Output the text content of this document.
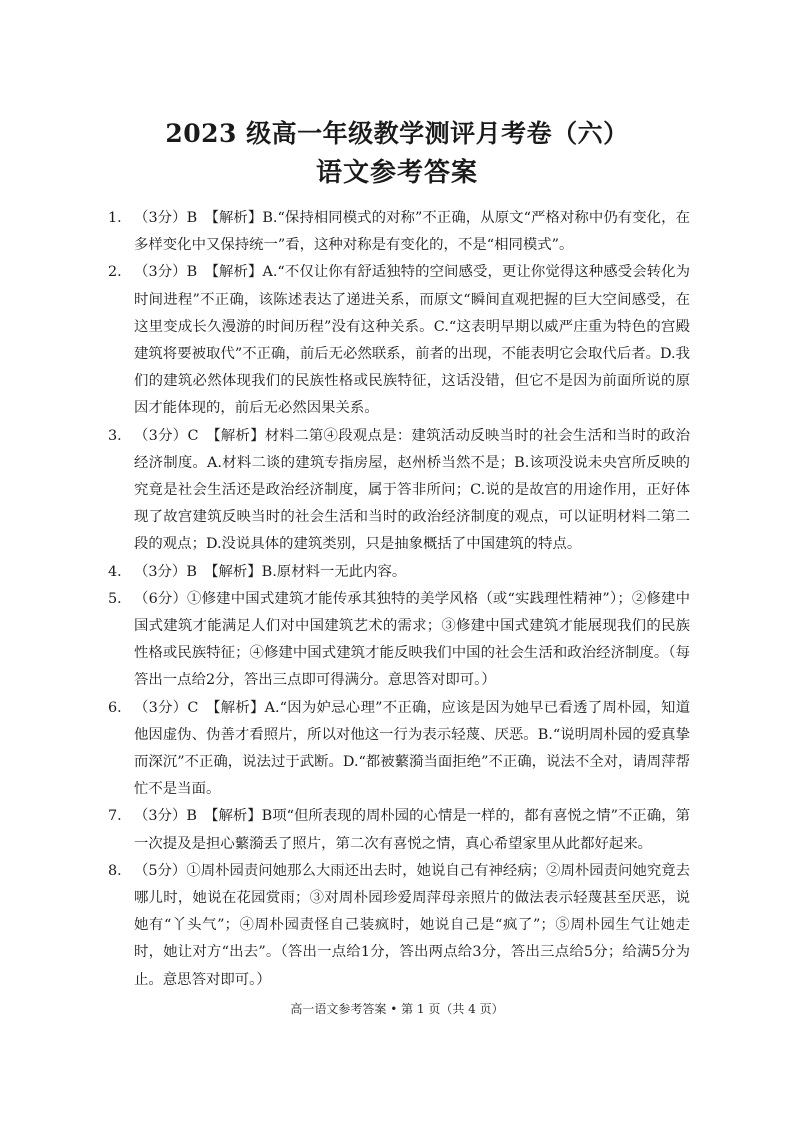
2023 级高一年级教学测评月考卷（六）
语文参考答案
1． （3分）B　【解析】B.“保持相同模式的对称”不正确，从原文“严格对称中仍有变化，在多样变化中又保持统一”看，这种对称是有变化的，不是“相同模式”。
2． （3分）B　【解析】A.“不仅让你有舒适独特的空间感受，更让你觉得这种感受会转化为时间进程”不正确，该陈述表达了递进关系，而原文“瞬间直观把握的巨大空间感受，在这里变成长久漫游的时间历程”没有这种关系。C.“这表明早期以威严庄重为特色的宫殿建筑将要被取代”不正确，前后无必然联系，前者的出现，不能表明它会取代后者。D.我们的建筑必然体现我们的民族性格或民族特征，这话没错，但它不是因为前面所说的原因才能体现的，前后无必然因果关系。
3． （3分）C　【解析】材料二第④段观点是：建筑活动反映当时的社会生活和当时的政治经济制度。A.材料二谈的建筑专指房屋，赵州桥当然不是；B.该项没说未央宫所反映的究竟是社会生活还是政治经济制度，属于答非所问；C.说的是故宫的用途作用，正好体现了故宫建筑反映当时的社会生活和当时的政治经济制度的观点，可以证明材料二第二段的观点；D.没说具体的建筑类别，只是抽象概括了中国建筑的特点。
4． （3分）B　【解析】B.原材料一无此内容。
5． （6分）①修建中国式建筑才能传承其独特的美学风格（或“实践理性精神”）；②修建中国式建筑才能满足人们对中国建筑艺术的需求；③修建中国式建筑才能展现我们的民族性格或民族特征；④修建中国式建筑才能反映我们中国的社会生活和政治经济制度。（每答出一点给2分，答出三点即可得满分。意思答对即可。）
6． （3分）C　【解析】A.“因为妒忌心理”不正确，应该是因为她早已看透了周朴园，知道他因虚伪、伪善才看照片，所以对他这一行为表示轻蔑、厌恶。B.“说明周朴园的爱真挚而深沉”不正确，说法过于武断。D.“都被蘩漪当面拒绝”不正确，说法不全对，请周萍帮忙不是当面。
7． （3分）B　【解析】B项“但所表现的周朴园的心情是一样的，都有喜悦之情”不正确，第一次提及是担心蘩漪丢了照片，第二次有喜悦之情，真心希望家里从此都好起来。
8． （5分）①周朴园责问她那么大雨还出去时，她说自己有神经病；②周朴园责问她究竟去哪儿时，她说在花园赏雨；③对周朴园珍爱周萍母亲照片的做法表示轻蔑甚至厌恶，说她有“丫头气”；④周朴园责怪自己装疯时，她说自己是“疯了”；⑤周朴园生气让她走时，她让对方“出去”。（答出一点给1分，答出两点给3分，答出三点给5分；给满5分为止。意思答对即可。）
高一语文参考答案 • 第 1 页（共 4 页）
